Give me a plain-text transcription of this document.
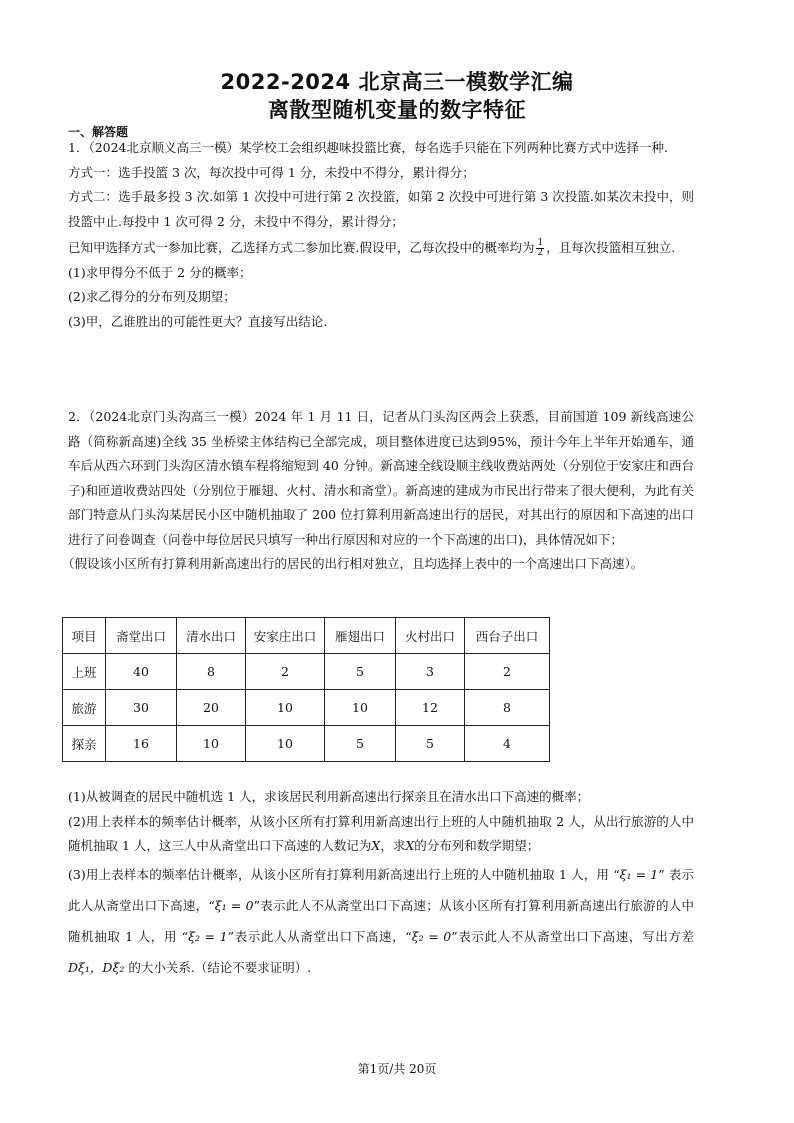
2022-2024 北京高三一模数学汇编
离散型随机变量的数字特征
一、解答题

1．（2024北京顺义高三一模）某学校工会组织趣味投篮比赛，每名选手只能在下列两种比赛方式中选择一种.

方式一：选手投篮 3 次，每次投中可得 1 分，未投中不得分，累计得分；

方式二：选手最多投 3 次.如第 1 次投中可进行第 2 次投篮，如第 2 次投中可进行第 3 次投篮.如某次未投中，则投篮中止.每投中 1 次可得 2 分，未投中不得分，累计得分；

已知甲选择方式一参加比赛，乙选择方式二参加比赛.假设甲，乙每次投中的概率均为 $\frac{1}{2}$ ，且每次投篮相互独立.

(1)求甲得分不低于 2 分的概率；

(2)求乙得分的分布列及期望；

(3)甲，乙谁胜出的可能性更大？直接写出结论.

2．（2024北京门头沟高三一模）2024 年 1 月 11 日，记者从门头沟区两会上获悉，目前国道 109 新线高速公路（简称新高速)全线 35 坐桥梁主体结构已全部完成，项目整体进度已达到95%，预计今年上半年开始通车，通车后从西六环到门头沟区清水镇车程将缩短到 40 分钟。新高速全线设顺主线收费站两处（分别位于安家庄和西台子)和匝道收费站四处（分别位于雁翅、火村、清水和斋堂）。新高速的建成为市民出行带来了很大便利，为此有关部门特意从门头沟某居民小区中随机抽取了 200 位打算利用新高速出行的居民，对其出行的原因和下高速的出口进行了问卷调查（问卷中每位居民只填写一种出行原因和对应的一个下高速的出口)，具体情况如下；

（假设该小区所有打算利用新高速出行的居民的出行相对独立，且均选择上表中的一个高速出口下高速）。

项目	斋堂出口	清水出口	安家庄出口	雁翅出口	火村出口	西台子出口
上班	40	8	2	5	3	2
旅游	30	20	10	10	12	8
探亲	16	10	10	5	5	4

(1)从被调查的居民中随机选 1 人，求该居民利用新高速出行探亲且在清水出口下高速的概率；

(2)用上表样本的频率估计概率，从该小区所有打算利用新高速出行上班的人中随机抽取 2 人，从出行旅游的人中随机抽取 1 人，这三人中从斋堂出口下高速的人数记为X，求X的分布列和数学期望；

(3)用上表样本的频率估计概率，从该小区所有打算利用新高速出行上班的人中随机抽取 1 人，用 “ξ₁ = 1” 表示此人从斋堂出口下高速，“ξ₁ = 0”表示此人不从斋堂出口下高速；从该小区所有打算利用新高速出行旅游的人中随机抽取 1 人，用 “ξ₂ = 1”表示此人从斋堂出口下高速，“ξ₂ = 0”表示此人不从斋堂出口下高速，写出方差 Dξ₁，Dξ₂ 的大小关系.（结论不要求证明）.

第1页/共 20页
